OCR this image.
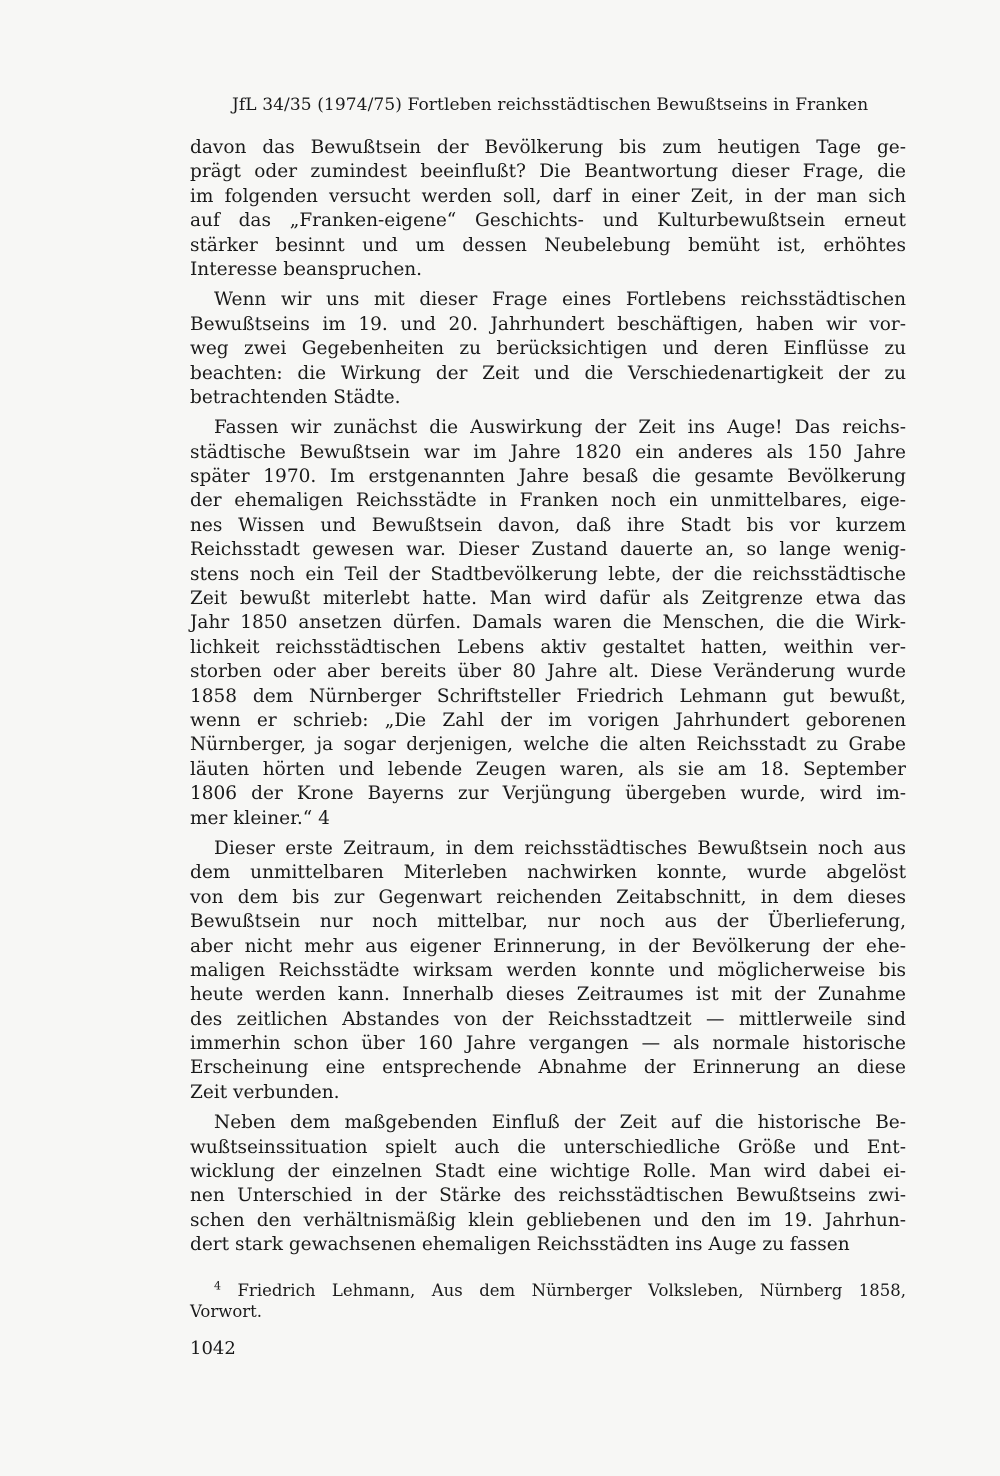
JfL 34/35 (1974/75) Fortleben reichsstädtischen Bewußtseins in Franken
davon das Bewußtsein der Bevölkerung bis zum heutigen Tage ge-
prägt oder zumindest beeinflußt? Die Beantwortung dieser Frage, die
im folgenden versucht werden soll, darf in einer Zeit, in der man sich
auf das „Franken-eigene“ Geschichts- und Kulturbewußtsein erneut
stärker besinnt und um dessen Neubelebung bemüht ist, erhöhtes
Interesse beanspruchen.
Wenn wir uns mit dieser Frage eines Fortlebens reichsstädtischen
Bewußtseins im 19. und 20. Jahrhundert beschäftigen, haben wir vor-
weg zwei Gegebenheiten zu berücksichtigen und deren Einflüsse zu
beachten: die Wirkung der Zeit und die Verschiedenartigkeit der zu
betrachtenden Städte.
Fassen wir zunächst die Auswirkung der Zeit ins Auge! Das reichs-
städtische Bewußtsein war im Jahre 1820 ein anderes als 150 Jahre
später 1970. Im erstgenannten Jahre besaß die gesamte Bevölkerung
der ehemaligen Reichsstädte in Franken noch ein unmittelbares, eige-
nes Wissen und Bewußtsein davon, daß ihre Stadt bis vor kurzem
Reichsstadt gewesen war. Dieser Zustand dauerte an, so lange wenig-
stens noch ein Teil der Stadtbevölkerung lebte, der die reichsstädtische
Zeit bewußt miterlebt hatte. Man wird dafür als Zeitgrenze etwa das
Jahr 1850 ansetzen dürfen. Damals waren die Menschen, die die Wirk-
lichkeit reichsstädtischen Lebens aktiv gestaltet hatten, weithin ver-
storben oder aber bereits über 80 Jahre alt. Diese Veränderung wurde
1858 dem Nürnberger Schriftsteller Friedrich Lehmann gut bewußt,
wenn er schrieb: „Die Zahl der im vorigen Jahrhundert geborenen
Nürnberger, ja sogar derjenigen, welche die alten Reichsstadt zu Grabe
läuten hörten und lebende Zeugen waren, als sie am 18. September
1806 der Krone Bayerns zur Verjüngung übergeben wurde, wird im-
mer kleiner.“ 4
Dieser erste Zeitraum, in dem reichsstädtisches Bewußtsein noch aus
dem unmittelbaren Miterleben nachwirken konnte, wurde abgelöst
von dem bis zur Gegenwart reichenden Zeitabschnitt, in dem dieses
Bewußtsein nur noch mittelbar, nur noch aus der Überlieferung,
aber nicht mehr aus eigener Erinnerung, in der Bevölkerung der ehe-
maligen Reichsstädte wirksam werden konnte und möglicherweise bis
heute werden kann. Innerhalb dieses Zeitraumes ist mit der Zunahme
des zeitlichen Abstandes von der Reichsstadtzeit — mittlerweile sind
immerhin schon über 160 Jahre vergangen — als normale historische
Erscheinung eine entsprechende Abnahme der Erinnerung an diese
Zeit verbunden.
Neben dem maßgebenden Einfluß der Zeit auf die historische Be-
wußtseinssituation spielt auch die unterschiedliche Größe und Ent-
wicklung der einzelnen Stadt eine wichtige Rolle. Man wird dabei ei-
nen Unterschied in der Stärke des reichsstädtischen Bewußtseins zwi-
schen den verhältnismäßig klein gebliebenen und den im 19. Jahrhun-
dert stark gewachsenen ehemaligen Reichsstädten ins Auge zu fassen
$^4$ Friedrich Lehmann, Aus dem Nürnberger Volksleben, Nürnberg 1858,
Vorwort.
1042
